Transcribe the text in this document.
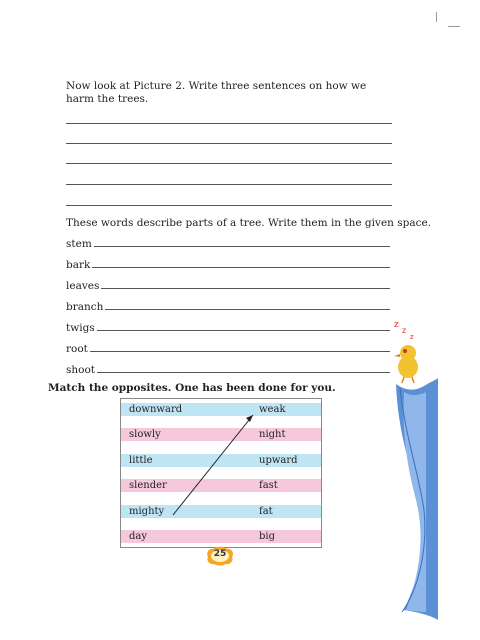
Now look at Picture 2. Write three sentences on how we harm the trees.
These words describe parts of a tree. Write them in the given space.
stem
bark
leaves
branch
twigs
root
shoot
z
z
z
Match the opposites. One has been done for you.
downward	weak
slowly	night
little	upward
slender	fast
mighty	fat
day	big
25
